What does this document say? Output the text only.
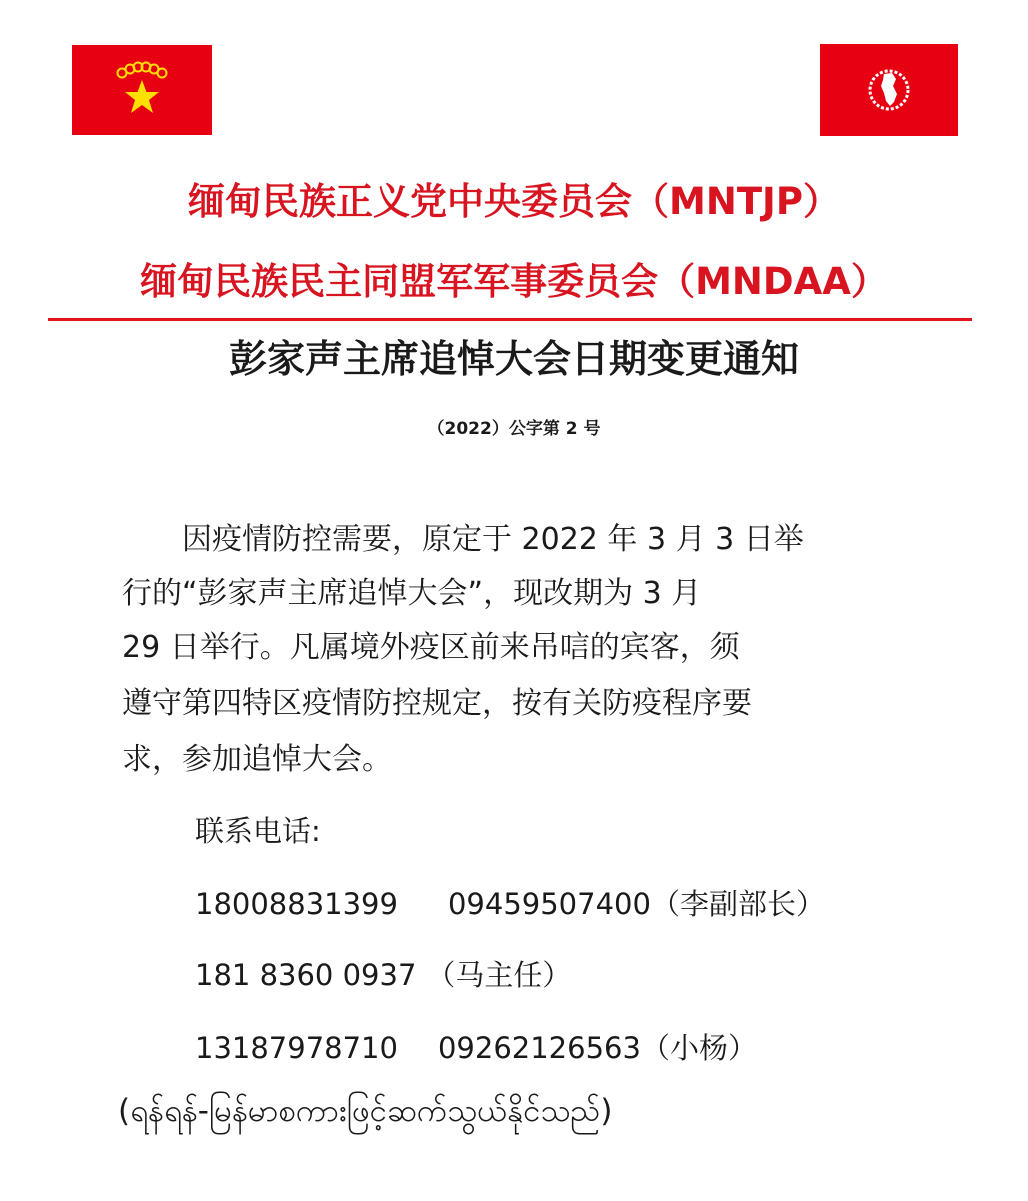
缅甸民族正义党中央委员会（MNTJP）
缅甸民族民主同盟军军事委员会（MNDAA）
彭家声主席追悼大会日期变更通知
（2022）公字第 2 号
因疫情防控需要，原定于 2022 年 3 月 3 日举
行的“彭家声主席追悼大会”，现改期为 3 月
29 日举行。凡属境外疫区前来吊唁的宾客，须
遵守第四特区疫情防控规定，按有关防疫程序要
求，参加追悼大会。
联系电话:
18008831399 09459507400（李副部长）
181 8360 0937 （马主任）
13187978710 09262126563（小杨）
(ရန်ရန်-မြန်မာစကားဖြင့်ဆက်သွယ်နိုင်သည်)
